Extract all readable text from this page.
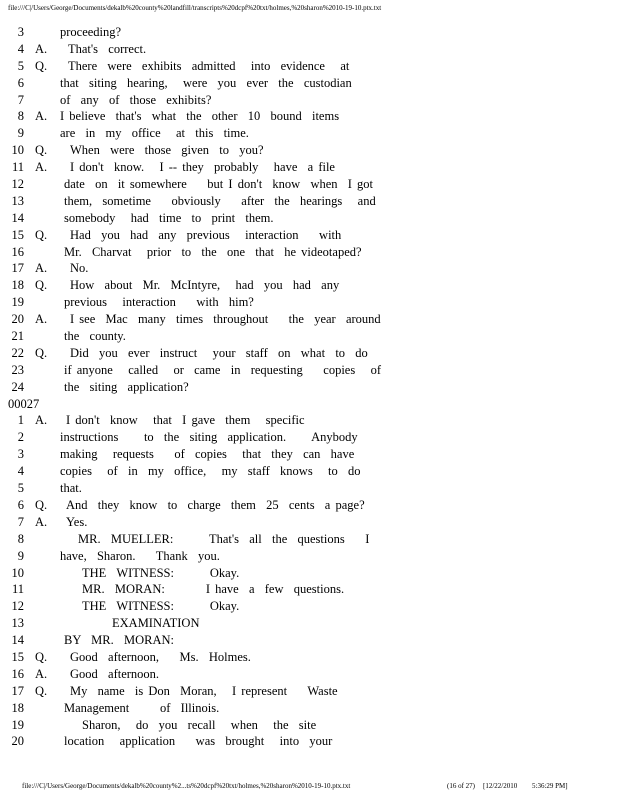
file:///C|/Users/George/Documents/dekalb%20county%20landfill/transcripts%20dcpf%20txt/holmes,%20sharon%2010-19-10.ptx.txt
3	proceeding?
4 A. That's  correct.
5 Q. There  were  exhibits  admitted   into  evidence   at
6	that  siting  hearing,   were  you  ever  the  custodian
7	of  any  of  those  exhibits?
8 A. I believe  that's  what  the  other  10  bound  items
9	are  in  my  office   at  this  time.
10 Q. When  were  those  given  to  you?
11 A. I don't  know.   I -- they  probably   have  a file
12	date  on  it somewhere    but I don't  know  when  I got
13	them,  sometime    obviously    after  the  hearings   and
14	somebody   had  time  to  print  them.
15 Q. Had  you  had  any  previous   interaction    with
16	Mr.  Charvat   prior  to  the  one  that  he videotaped?
17 A. No.
18 Q. How  about  Mr.  McIntyre,   had  you  had  any
19	previous   interaction    with  him?
20 A. I see  Mac  many  times  throughout    the  year  around
21	the  county.
22 Q. Did  you  ever  instruct   your  staff  on  what  to  do
23	if anyone   called   or  came  in  requesting    copies   of
24	the  siting  application?
00027
1 A. I don't  know   that  I gave  them   specific
2	instructions     to  the  siting  application.     Anybody
3	making   requests    of  copies   that  they  can  have
4	copies   of  in  my  office,   my  staff  knows   to  do
5	that.
6 Q. And  they  know  to  charge  them  25  cents  a page?
7 A. Yes.
8	MR.  MUELLER:       That's  all  the  questions    I
9	have,  Sharon.    Thank  you.
10	THE  WITNESS:       Okay.
11	MR.  MORAN:        I have  a  few  questions.
12	THE  WITNESS:       Okay.
13	EXAMINATION
14	BY  MR.  MORAN:
15 Q. Good  afternoon,    Ms.  Holmes.
16 A. Good  afternoon.
17 Q. My  name  is Don  Moran,   I represent    Waste
18	Management      of  Illinois.
19	Sharon,   do  you  recall   when   the  site
20	location   application    was  brought   into  your
file:///C|/Users/George/Documents/dekalb%20county%2...ts%20dcpf%20txt/holmes,%20sharon%2010-19-10.ptx.txt	(16 of 27) [12/22/2010 5:36:29 PM]
